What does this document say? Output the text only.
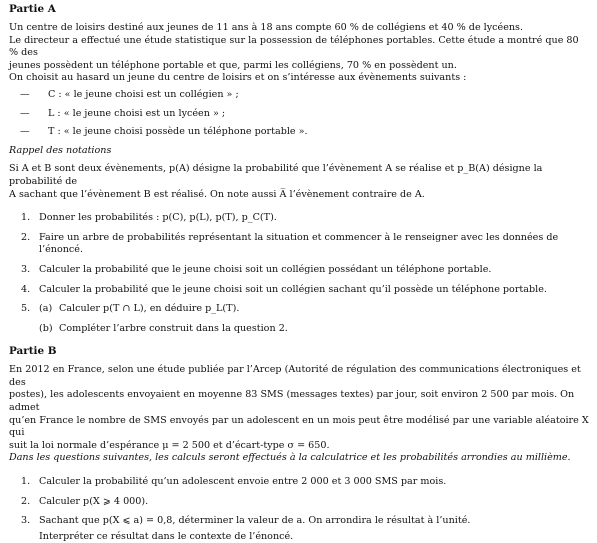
Partie A

Un centre de loisirs destiné aux jeunes de 11 ans à 18 ans compte 60 % de collégiens et 40 % de lycéens.

Le directeur a effectué une étude statistique sur la possession de téléphones portables. Cette étude a montré que 80 % des

jeunes possèdent un téléphone portable et que, parmi les collégiens, 70 % en possèdent un.

On choisit au hasard un jeune du centre de loisirs et on s’intéresse aux évènements suivants :

— C : « le jeune choisi est un collégien » ;
— L : « le jeune choisi est un lycéen » ;
— T : « le jeune choisi possède un téléphone portable ».

Rappel des notations

Si A et B sont deux évènements, p(A) désigne la probabilité que l’évènement A se réalise et p_B(A) désigne la probabilité de

A sachant que l’évènement B est réalisé. On note aussi A̅ l’évènement contraire de A.

1. Donner les probabilités : p(C), p(L), p(T), p_C(T).
2. Faire un arbre de probabilités représentant la situation et commencer à le renseigner avec les données de l’énoncé.
3. Calculer la probabilité que le jeune choisi soit un collégien possédant un téléphone portable.
4. Calculer la probabilité que le jeune choisi soit un collégien sachant qu’il possède un téléphone portable.
5. (a) Calculer p(T ∩ L), en déduire p_L(T).
(b) Compléter l’arbre construit dans la question 2.
Partie B

En 2012 en France, selon une étude publiée par l’Arcep (Autorité de régulation des communications électroniques et des

postes), les adolescents envoyaient en moyenne 83 SMS (messages textes) par jour, soit environ 2 500 par mois. On admet

qu’en France le nombre de SMS envoyés par un adolescent en un mois peut être modélisé par une variable aléatoire X qui

suit la loi normale d’espérance μ = 2 500 et d’écart-type σ = 650.

Dans les questions suivantes, les calculs seront effectués à la calculatrice et les probabilités arrondies au millième.

1. Calculer la probabilité qu’un adolescent envoie entre 2 000 et 3 000 SMS par mois.
2. Calculer p(X ⩾ 4 000).
3. Sachant que p(X ⩽ a) = 0,8, déterminer la valeur de a. On arrondira le résultat à l’unité.
Interpréter ce résultat dans le contexte de l’énoncé.
